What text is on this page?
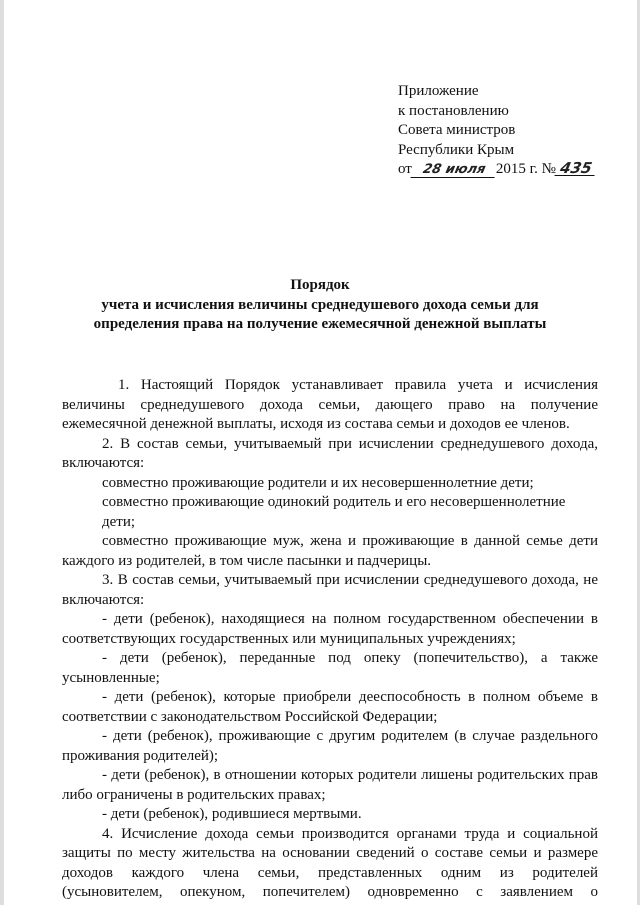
Приложение
к постановлению
Совета министров
Республики Крым
от 28 июля 2015 г. № 435
Порядок
учета и исчисления величины среднедушевого дохода семьи для
определения права на получение ежемесячной денежной выплаты

1. Настоящий Порядок устанавливает правила учета и исчисления величины среднедушевого дохода семьи, дающего право на получение ежемесячной денежной выплаты, исходя из состава семьи и доходов ее членов.

2. В состав семьи, учитываемый при исчислении среднедушевого дохода, включаются:

совместно проживающие родители и их несовершеннолетние дети;
совместно проживающие одинокий родитель и его несовершеннолетние
дети;

совместно проживающие муж, жена и проживающие в данной семье дети каждого из родителей, в том числе пасынки и падчерицы.

3. В состав семьи, учитываемый при исчислении среднедушевого дохода, не включаются:

- дети (ребенок), находящиеся на полном государственном обеспечении в соответствующих государственных или муниципальных учреждениях;

- дети (ребенок), переданные под опеку (попечительство), а также усыновленные;

- дети (ребенок), которые приобрели дееспособность в полном объеме в соответствии с законодательством Российской Федерации;

- дети (ребенок), проживающие с другим родителем (в случае раздельного проживания родителей);

- дети (ребенок), в отношении которых родители лишены родительских прав либо ограничены в родительских правах;

- дети (ребенок), родившиеся мертвыми.

4. Исчисление дохода семьи производится органами труда и социальной защиты по месту жительства на основании сведений о составе семьи и размере доходов каждого члена семьи, представленных одним из родителей (усыновителем, опекуном, попечителем) одновременно с заявлением о
